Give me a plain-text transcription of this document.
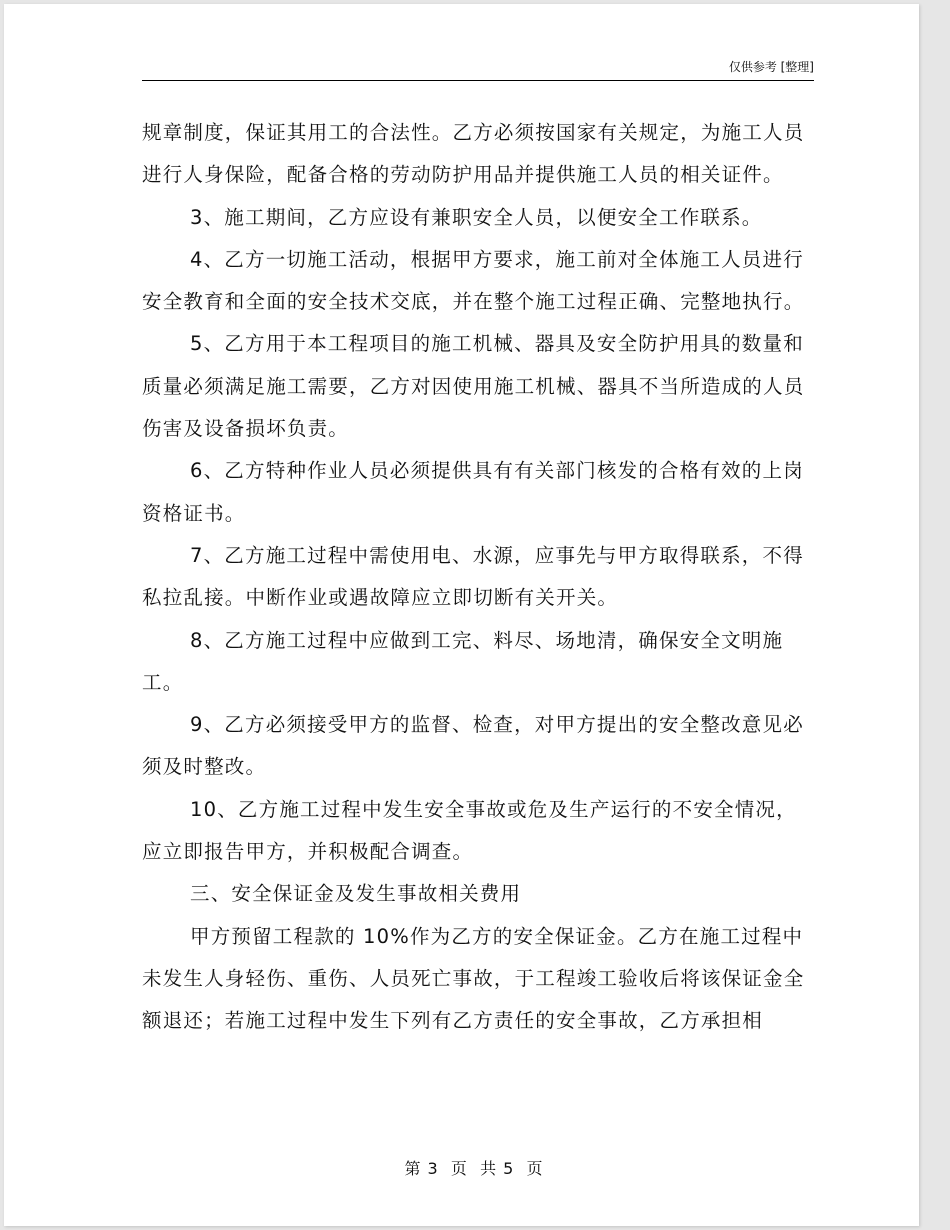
仅供参考 [整理]

规章制度，保证其用工的合法性。乙方必须按国家有关规定，为施工人员进行人身保险，配备合格的劳动防护用品并提供施工人员的相关证件。

3、施工期间，乙方应设有兼职安全人员，以便安全工作联系。

4、乙方一切施工活动，根据甲方要求，施工前对全体施工人员进行安全教育和全面的安全技术交底，并在整个施工过程正确、完整地执行。

5、乙方用于本工程项目的施工机械、器具及安全防护用具的数量和质量必须满足施工需要，乙方对因使用施工机械、器具不当所造成的人员伤害及设备损坏负责。

6、乙方特种作业人员必须提供具有有关部门核发的合格有效的上岗资格证书。

7、乙方施工过程中需使用电、水源，应事先与甲方取得联系，不得私拉乱接。中断作业或遇故障应立即切断有关开关。

8、乙方施工过程中应做到工完、料尽、场地清，确保安全文明施工。

9、乙方必须接受甲方的监督、检查，对甲方提出的安全整改意见必须及时整改。

10、乙方施工过程中发生安全事故或危及生产运行的不安全情况，应立即报告甲方，并积极配合调查。

三、安全保证金及发生事故相关费用

甲方预留工程款的 10%作为乙方的安全保证金。乙方在施工过程中未发生人身轻伤、重伤、人员死亡事故，于工程竣工验收后将该保证金全额退还；若施工过程中发生下列有乙方责任的安全事故，乙方承担相

第 3  页  共 5  页
